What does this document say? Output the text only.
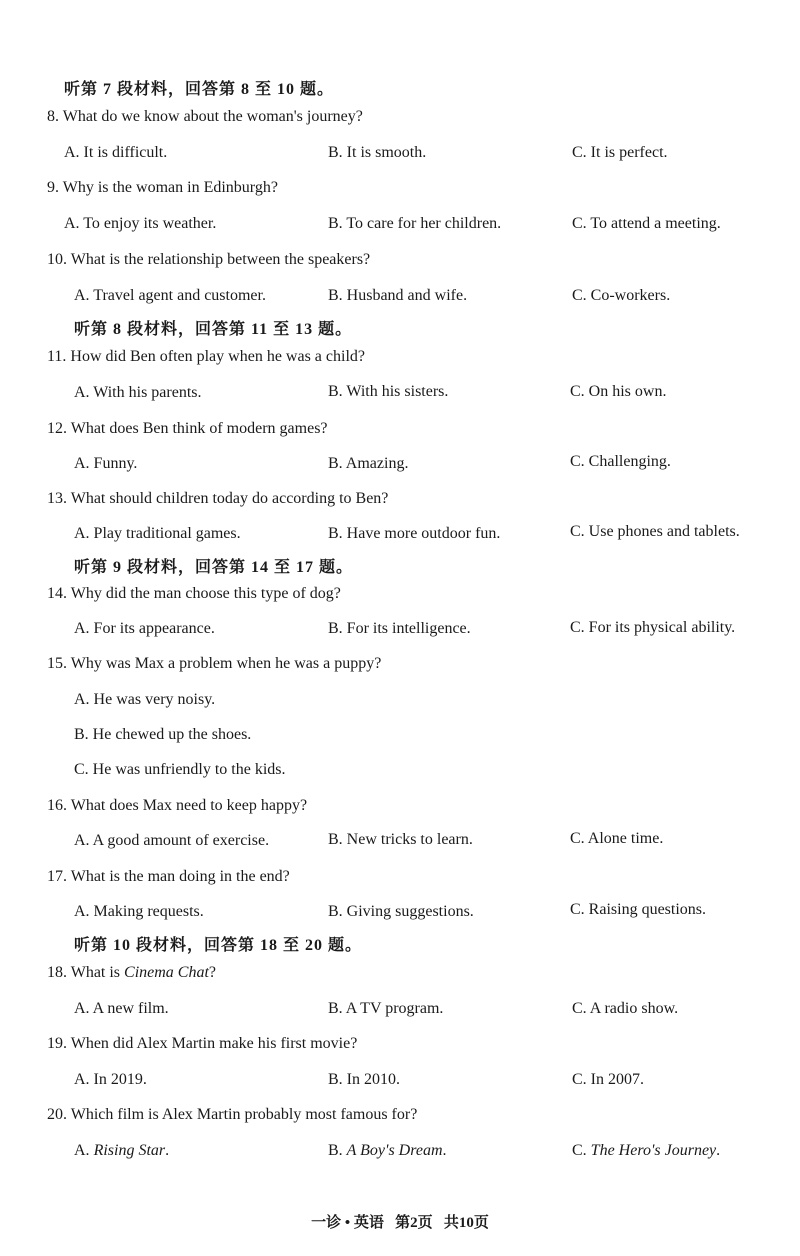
听第 7 段材料，回答第 8 至 10 题。
8. What do we know about the woman's journey?
A. It is difficult.	B. It is smooth.	C. It is perfect.
9. Why is the woman in Edinburgh?
A. To enjoy its weather.	B. To care for her children.	C. To attend a meeting.
10. What is the relationship between the speakers?
A. Travel agent and customer.	B. Husband and wife.	C. Co-workers.
听第 8 段材料，回答第 11 至 13 题。
11. How did Ben often play when he was a child?
A. With his parents.	B. With his sisters.	C. On his own.
12. What does Ben think of modern games?
A. Funny.	B. Amazing.	C. Challenging.
13. What should children today do according to Ben?
A. Play traditional games.	B. Have more outdoor fun.	C. Use phones and tablets.
听第 9 段材料，回答第 14 至 17 题。
14. Why did the man choose this type of dog?
A. For its appearance.	B. For its intelligence.	C. For its physical ability.
15. Why was Max a problem when he was a puppy?
A. He was very noisy.
B. He chewed up the shoes.
C. He was unfriendly to the kids.
16. What does Max need to keep happy?
A. A good amount of exercise.	B. New tricks to learn.	C. Alone time.
17. What is the man doing in the end?
A. Making requests.	B. Giving suggestions.	C. Raising questions.
听第 10 段材料，回答第 18 至 20 题。
18. What is Cinema Chat?
A. A new film.	B. A TV program.	C. A radio show.
19. When did Alex Martin make his first movie?
A. In 2019.	B. In 2010.	C. In 2007.
20. Which film is Alex Martin probably most famous for?
A. Rising Star.	B. A Boy's Dream.	C. The Hero's Journey.
一诊 • 英语   第2页   共10页
